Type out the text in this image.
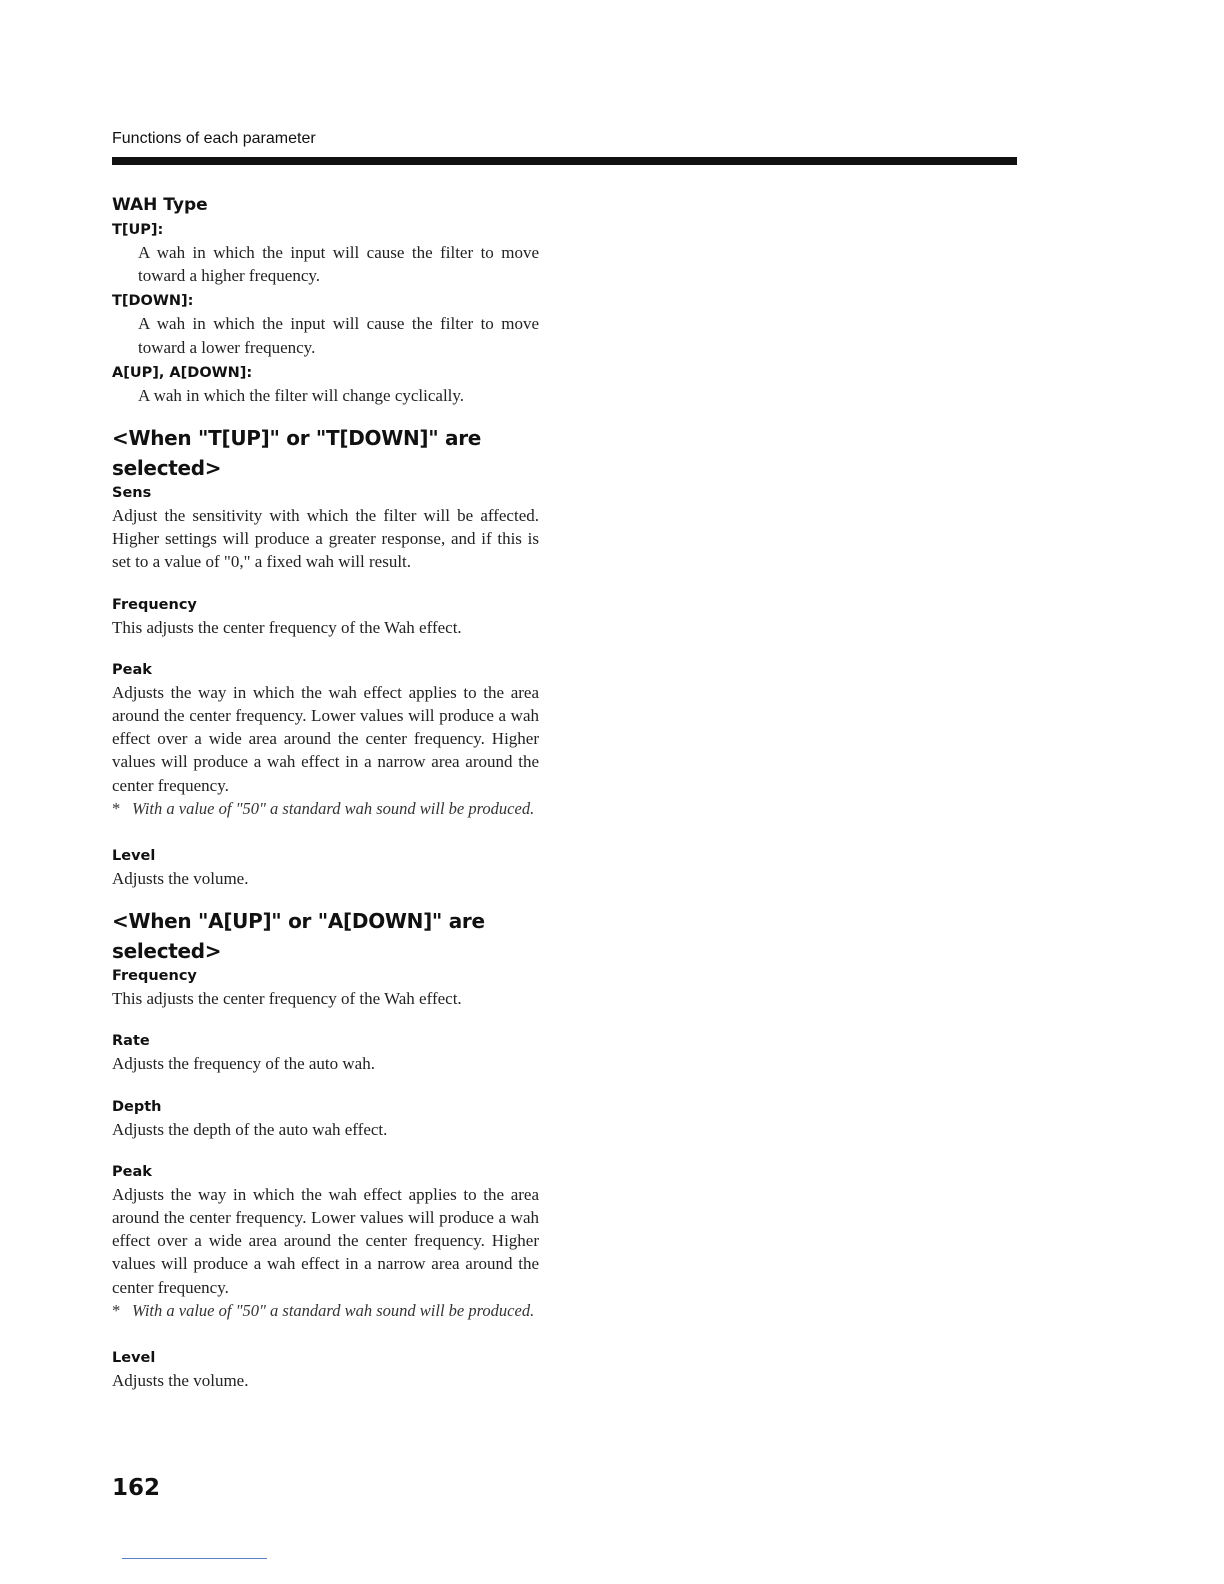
Functions of each parameter
WAH Type
T[UP]:

A wah in which the input will cause the filter to move toward a higher frequency.

T[DOWN]:

A wah in which the input will cause the filter to move toward a lower frequency.

A[UP], A[DOWN]:

A wah in which the filter will change cyclically.

<When "T[UP]" or "T[DOWN]" are selected>
Sens

Adjust the sensitivity with which the filter will be affected. Higher settings will produce a greater response, and if this is set to a value of "0," a fixed wah will result.

Frequency

This adjusts the center frequency of the Wah effect.

Peak

Adjusts the way in which the wah effect applies to the area around the center frequency. Lower values will produce a wah effect over a wide area around the center frequency. Higher values will produce a wah effect in a narrow area around the center frequency.

* With a value of "50" a standard wah sound will be produced.

Level

Adjusts the volume.

<When "A[UP]" or "A[DOWN]" are selected>
Frequency

This adjusts the center frequency of the Wah effect.

Rate

Adjusts the frequency of the auto wah.

Depth

Adjusts the depth of the auto wah effect.

Peak

Adjusts the way in which the wah effect applies to the area around the center frequency. Lower values will produce a wah effect over a wide area around the center frequency. Higher values will produce a wah effect in a narrow area around the center frequency.

* With a value of "50" a standard wah sound will be produced.

Level

Adjusts the volume.

162
